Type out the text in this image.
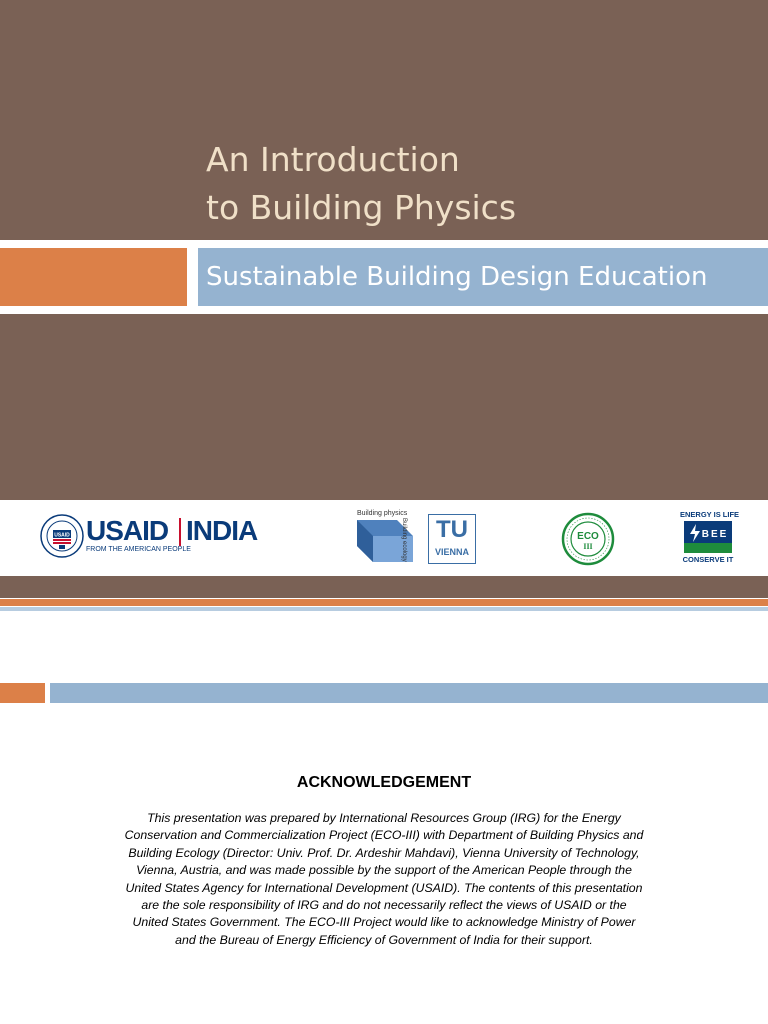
An Introduction
to Building Physics
Sustainable Building Design Education
USAID USAID INDIA
FROM THE AMERICAN PEOPLE
Building physics
Building ecology TU
VIENNA
ECO
III
ENERGY IS LIFE
BEE
CONSERVE IT
ACKNOWLEDGEMENT
This presentation was prepared by International Resources Group (IRG) for the Energy Conservation and Commercialization Project (ECO-III) with Department of Building Physics and Building Ecology (Director: Univ. Prof. Dr. Ardeshir Mahdavi), Vienna University of Technology, Vienna, Austria, and was made possible by the support of the American People through the United States Agency for International Development (USAID). The contents of this presentation are the sole responsibility of IRG and do not necessarily reflect the views of USAID or the United States Government. The ECO-III Project would like to acknowledge Ministry of Power and the Bureau of Energy Efficiency of Government of India for their support.
